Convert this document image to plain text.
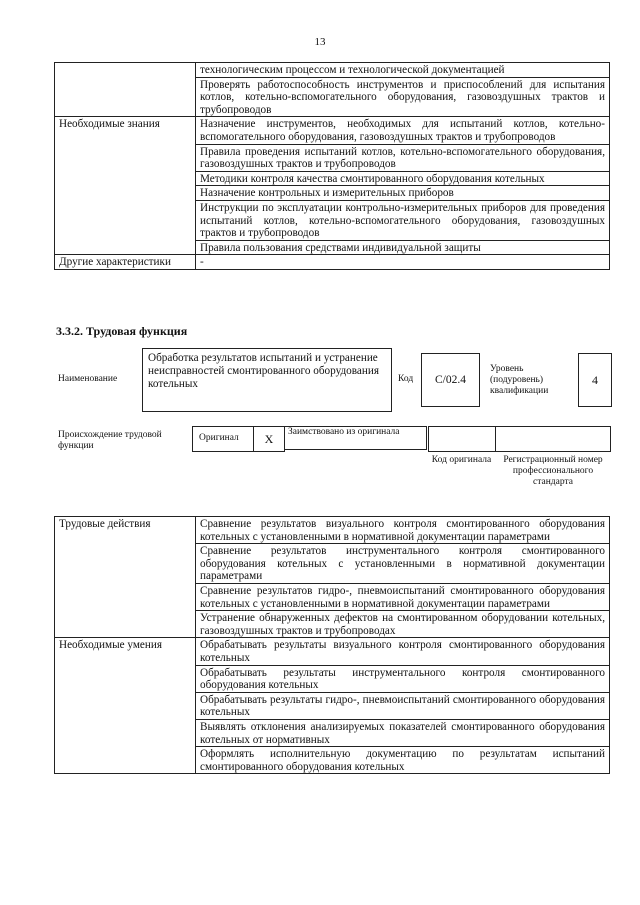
13
	технологическим процессом и технологической документацией
	Проверять работоспособность инструментов и приспособлений для испытания котлов, котельно-вспомогательного оборудования, газовоздушных трактов и трубопроводов
Необходимые знания	Назначение инструментов, необходимых для испытаний котлов, котельно-вспомогательного оборудования, газовоздушных трактов и трубопроводов
	Правила проведения испытаний котлов, котельно-вспомогательного оборудования, газовоздушных трактов и трубопроводов
	Методики контроля качества смонтированного оборудования котельных
	Назначение контрольных и измерительных приборов
	Инструкции по эксплуатации контрольно-измерительных приборов для проведения испытаний котлов, котельно-вспомогательного оборудования, газовоздушных трактов и трубопроводов
	Правила пользования средствами индивидуальной защиты
Другие характеристики	-
3.3.2. Трудовая функция
Наименование
Обработка результатов испытаний и устранение неисправностей смонтированного оборудования котельных	Код	C/02.4
Уровень (подуровень) квалификации
4
Происхождение трудовой функции
Оригинал	X	Заимствовано из оригинала
Код оригинала	Регистрационный номер профессионального стандарта
Трудовые действия	Сравнение результатов визуального контроля смонтированного оборудования котельных с установленными в нормативной документации параметрами
	Сравнение результатов инструментального контроля смонтированного оборудования котельных с установленными в нормативной документации параметрами
	Сравнение результатов гидро-, пневмоиспытаний смонтированного оборудования котельных с установленными в нормативной документации параметрами
	Устранение обнаруженных дефектов на смонтированном оборудовании котельных, газовоздушных трактов и трубопроводах
Необходимые умения	Обрабатывать результаты визуального контроля смонтированного оборудования котельных
	Обрабатывать результаты инструментального контроля смонтированного оборудования котельных
	Обрабатывать результаты гидро-, пневмоиспытаний смонтированного оборудования котельных
	Выявлять отклонения анализируемых показателей смонтированного оборудования котельных от нормативных
	Оформлять исполнительную документацию по результатам испытаний смонтированного оборудования котельных
